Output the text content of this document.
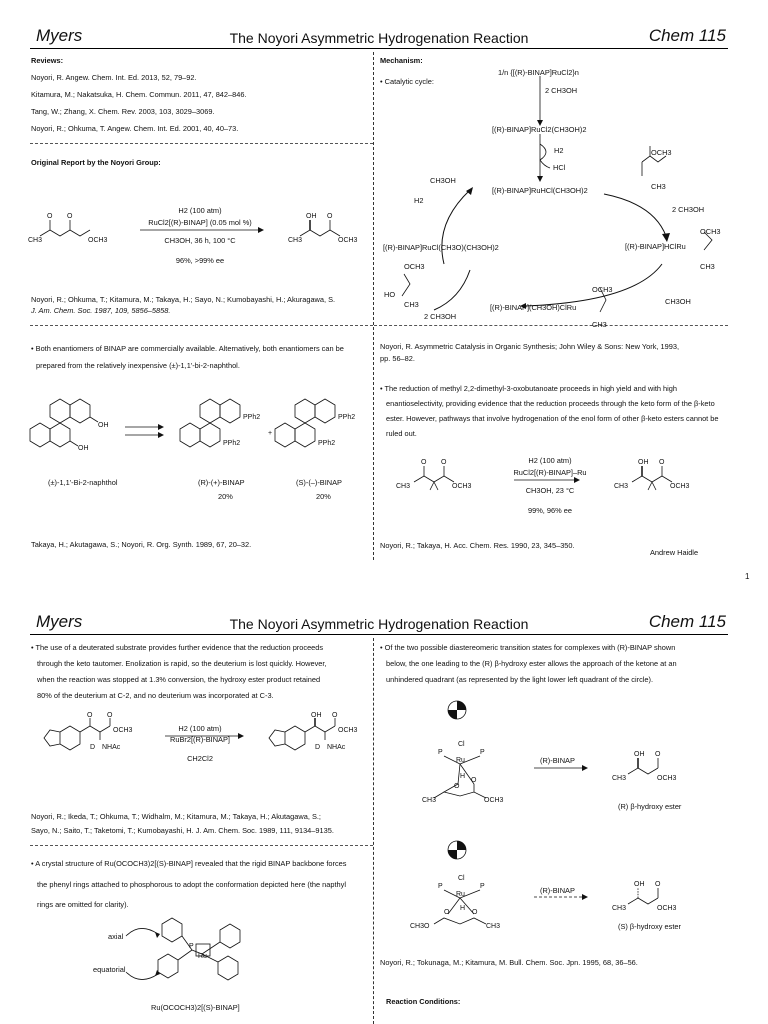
Myers	The Noyori Asymmetric Hydrogenation Reaction	Chem 115
Reviews:
Noyori, R. Angew. Chem. Int. Ed. 2013, 52, 79–92.
Kitamura, M.; Nakatsuka, H. Chem. Commun. 2011, 47, 842–846.
Tang, W.; Zhang, X. Chem. Rev. 2003, 103, 3029–3069.
Noyori, R.; Ohkuma, T. Angew. Chem. Int. Ed. 2001, 40, 40–73.
Original Report by the Noyori Group:
O O
CH3	OCH3
OH O
CH3	OCH3
H2 (100 atm)
RuCl2[(R)-BINAP] (0.05 mol %)
CH3OH, 36 h, 100 °C
96%, >99% ee
Noyori, R.; Ohkuma, T.; Kitamura, M.; Takaya, H.; Sayo, N.; Kumobayashi, H.; Akuragawa, S.
J. Am. Chem. Soc. 1987, 109, 5856–5858.
• Both enantiomers of BINAP are commercially available. Alternatively, both enantiomers can be
prepared from the relatively inexpensive (±)-1,1'-bi-2-naphthol.
OH
OH
PPh2
PPh2
+
PPh2
PPh2
(±)-1,1'-Bi-2-naphthol	(R)-(+)-BINAP
20%
(S)-(–)-BINAP
20%
Takaya, H.; Akutagawa, S.; Noyori, R. Org. Synth. 1989, 67, 20–32.
Mechanism:
• Catalytic cycle:
1/n {[(R)-BINAP]RuCl2}n
2 CH3OH
[(R)-BINAP]RuCl2(CH3OH)2
H2
HCl
[(R)-BINAP]RuHCl(CH3OH)2
CH3OH
H2
OCH3
CH3
2 CH3OH
[(R)-BINAP]HClRu
OCH3
CH3
[(R)-BINAP]RuCl(CH3O)(CH3OH)2
OCH3
HO
CH3
2 CH3OH
[(R)-BINAP](CH3OH)ClRu
OCH3
CH3
CH3OH
Noyori, R. Asymmetric Catalysis in Organic Synthesis; John Wiley & Sons: New York, 1993,
pp. 56–82.
• The reduction of methyl 2,2-dimethyl-3-oxobutanoate proceeds in high yield and with high
enantioselectivity, providing evidence that the reduction proceeds through the keto form of the β-keto
ester. However, pathways that involve hydrogenation of the enol form of other β-keto esters cannot be
ruled out.
O O
CH3	OCH3
OH O
CH3	OCH3
H2 (100 atm)
RuCl2[(R)-BINAP]–Ru
CH3OH, 23 °C
99%, 96% ee
Noyori, R.; Takaya, H. Acc. Chem. Res. 1990, 23, 345–350.
Andrew Haidle
1
Myers	The Noyori Asymmetric Hydrogenation Reaction	Chem 115
• The use of a deuterated substrate provides further evidence that the reduction proceeds
through the keto tautomer. Enolization is rapid, so the deuterium is lost quickly. However,
when the reaction was stopped at 1.3% conversion, the hydroxy ester product retained
80% of the deuterium at C-2, and no deuterium was incorporated at C-3.
O O
OCH3
D NHAc
OH O
OCH3
D NHAc
H2 (100 atm)
RuBr2[(R)-BINAP]
CH2Cl2
Noyori, R.; Ikeda, T.; Ohkuma, T.; Widhalm, M.; Kitamura, M.; Takaya, H.; Akutagawa, S.;
Sayo, N.; Saito, T.; Taketomi, T.; Kumobayashi, H. J. Am. Chem. Soc. 1989, 111, 9134–9135.
• A crystal structure of Ru(OCOCH3)2[(S)-BINAP] revealed that the rigid BINAP backbone forces
the phenyl rings attached to phosphorous to adopt the conformation depicted here (the napthyl
rings are omitted for clarity).
P
Ru
axial
equatorial
Ru(OCOCH3)2[(S)-BINAP]
• Of the two possible diastereomeric transition states for complexes with (R)-BINAP shown
below, the one leading to the (R) β-hydroxy ester allows the approach of the ketone at an
unhindered quadrant (as represented by the light lower left quadrant of the circle).
P	P
Cl
Ru
O
O
CH3	OCH3
H
OH O
CH3	OCH3
P	P
Cl
Ru
O	O
CH3O	CH3
H
OH O
CH3	OCH3
(R)-BINAP
(R) β-hydroxy ester
(R)-BINAP
(S) β-hydroxy ester
Noyori, R.; Tokunaga, M.; Kitamura, M. Bull. Chem. Soc. Jpn. 1995, 68, 36–56.
Reaction Conditions:
